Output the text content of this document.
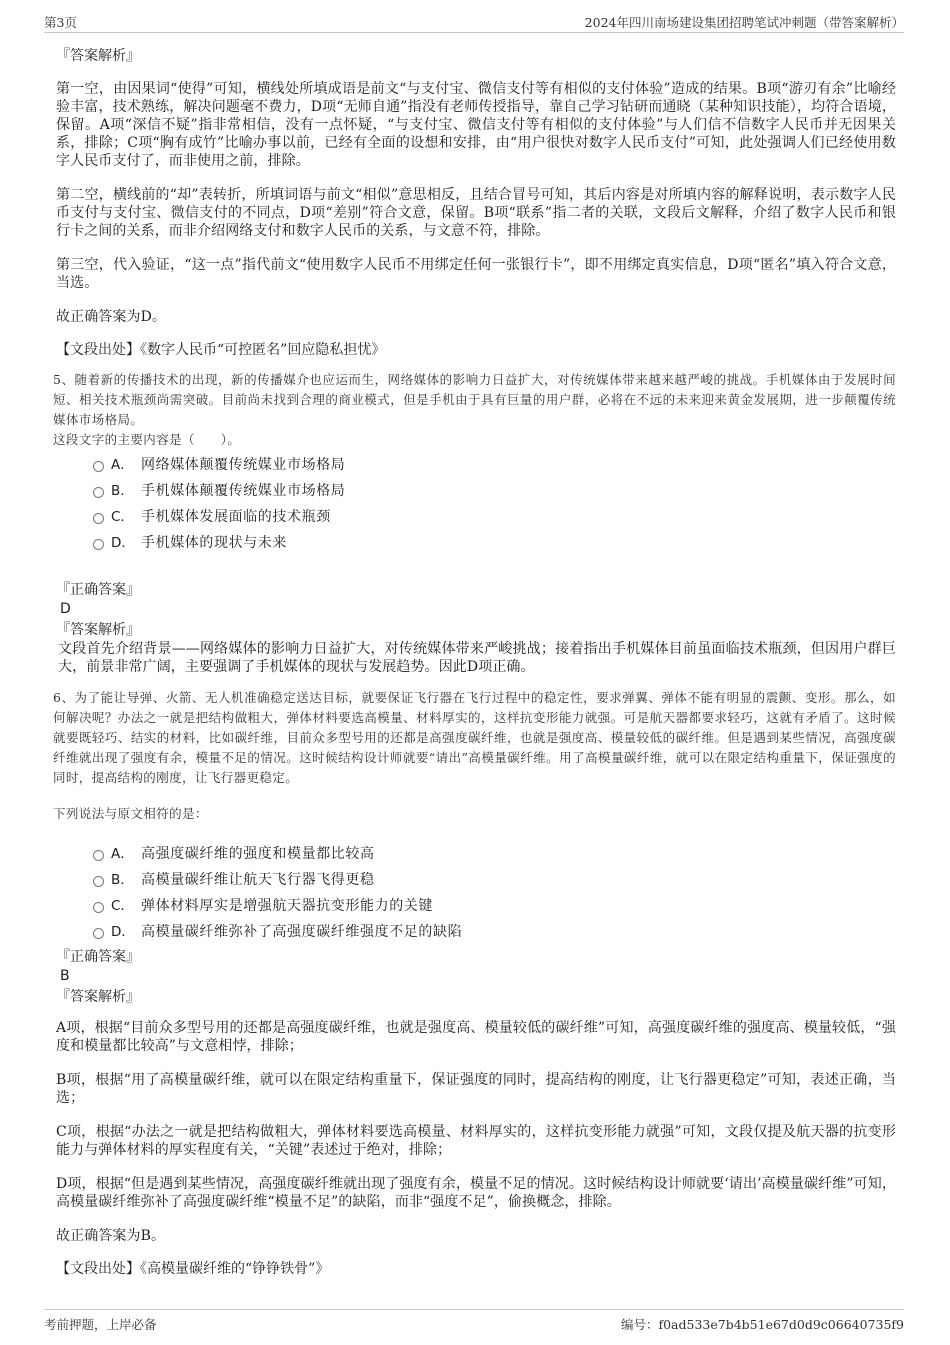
第3页	2024年四川南场建设集团招聘笔试冲刺题（带答案解析）

『答案解析』

第一空，由因果词“使得”可知，横线处所填成语是前文“与支付宝、微信支付等有相似的支付体验”造成的结果。B项“游刃有余”比喻经验丰富，技术熟练，解决问题毫不费力，D项“无师自通”指没有老师传授指导，靠自己学习钻研而通晓（某种知识技能），均符合语境，保留。A项“深信不疑”指非常相信，没有一点怀疑，“与支付宝、微信支付等有相似的支付体验”与人们信不信数字人民币并无因果关系，排除；C项“胸有成竹”比喻办事以前，已经有全面的设想和安排，由“用户很快对数字人民币支付”可知，此处强调人们已经使用数字人民币支付了，而非使用之前，排除。

第二空，横线前的“却”表转折，所填词语与前文“相似”意思相反，且结合冒号可知，其后内容是对所填内容的解释说明，表示数字人民币支付与支付宝、微信支付的不同点，D项“差别”符合文意，保留。B项“联系”指二者的关联，文段后文解释，介绍了数字人民币和银行卡之间的关系，而非介绍网络支付和数字人民币的关系，与文意不符，排除。

第三空，代入验证，“这一点”指代前文“使用数字人民币不用绑定任何一张银行卡”，即不用绑定真实信息，D项“匿名”填入符合文意，当选。

故正确答案为D。

【文段出处】《数字人民币“可控匿名”回应隐私担忧》

5、随着新的传播技术的出现，新的传播媒介也应运而生，网络媒体的影响力日益扩大，对传统媒体带来越来越严峻的挑战。手机媒体由于发展时间短、相关技术瓶颈尚需突破。目前尚未找到合理的商业模式，但是手机由于具有巨量的用户群，必将在不远的未来迎来黄金发展期，进一步颠覆传统媒体市场格局。

这段文字的主要内容是（　　）。

A． 网络媒体颠覆传统媒业市场格局
B． 手机媒体颠覆传统媒业市场格局
C． 手机媒体发展面临的技术瓶颈
D． 手机媒体的现状与未来

『正确答案』

D

『答案解析』

文段首先介绍背景——网络媒体的影响力日益扩大，对传统媒体带来严峻挑战；接着指出手机媒体目前虽面临技术瓶颈，但因用户群巨大，前景非常广阔，主要强调了手机媒体的现状与发展趋势。因此D项正确。

6、为了能让导弹、火箭、无人机准确稳定送达目标，就要保证飞行器在飞行过程中的稳定性，要求弹翼、弹体不能有明显的震颤、变形。那么，如何解决呢？办法之一就是把结构做粗大，弹体材料要选高模量、材料厚实的，这样抗变形能力就强。可是航天器都要求轻巧，这就有矛盾了。这时候就要既轻巧、结实的材料，比如碳纤维，目前众多型号用的还都是高强度碳纤维，也就是强度高、模量较低的碳纤维。但是遇到某些情况，高强度碳纤维就出现了强度有余，模量不足的情况。这时候结构设计师就要“请出”高模量碳纤维。用了高模量碳纤维，就可以在限定结构重量下，保证强度的同时，提高结构的刚度，让飞行器更稳定。

下列说法与原文相符的是：

A． 高强度碳纤维的强度和模量都比较高
B． 高模量碳纤维让航天飞行器飞得更稳
C． 弹体材料厚实是增强航天器抗变形能力的关键
D． 高模量碳纤维弥补了高强度碳纤维强度不足的缺陷

『正确答案』

B

『答案解析』

A项，根据“目前众多型号用的还都是高强度碳纤维，也就是强度高、模量较低的碳纤维”可知，高强度碳纤维的强度高、模量较低，“强度和模量都比较高”与文意相悖，排除；

B项，根据“用了高模量碳纤维，就可以在限定结构重量下，保证强度的同时，提高结构的刚度，让飞行器更稳定”可知，表述正确，当选；

C项，根据“办法之一就是把结构做粗大，弹体材料要选高模量、材料厚实的，这样抗变形能力就强”可知，文段仅提及航天器的抗变形能力与弹体材料的厚实程度有关，“关键”表述过于绝对，排除；

D项，根据“但是遇到某些情况，高强度碳纤维就出现了强度有余，模量不足的情况。这时候结构设计师就要‘请出’高模量碳纤维”可知，高模量碳纤维弥补了高强度碳纤维“模量不足”的缺陷，而非“强度不足”，偷换概念，排除。

故正确答案为B。

【文段出处】《高模量碳纤维的“铮铮铁骨”》

考前押题，上岸必备	编号：f0ad533e7b4b51e67d0d9c06640735f9
